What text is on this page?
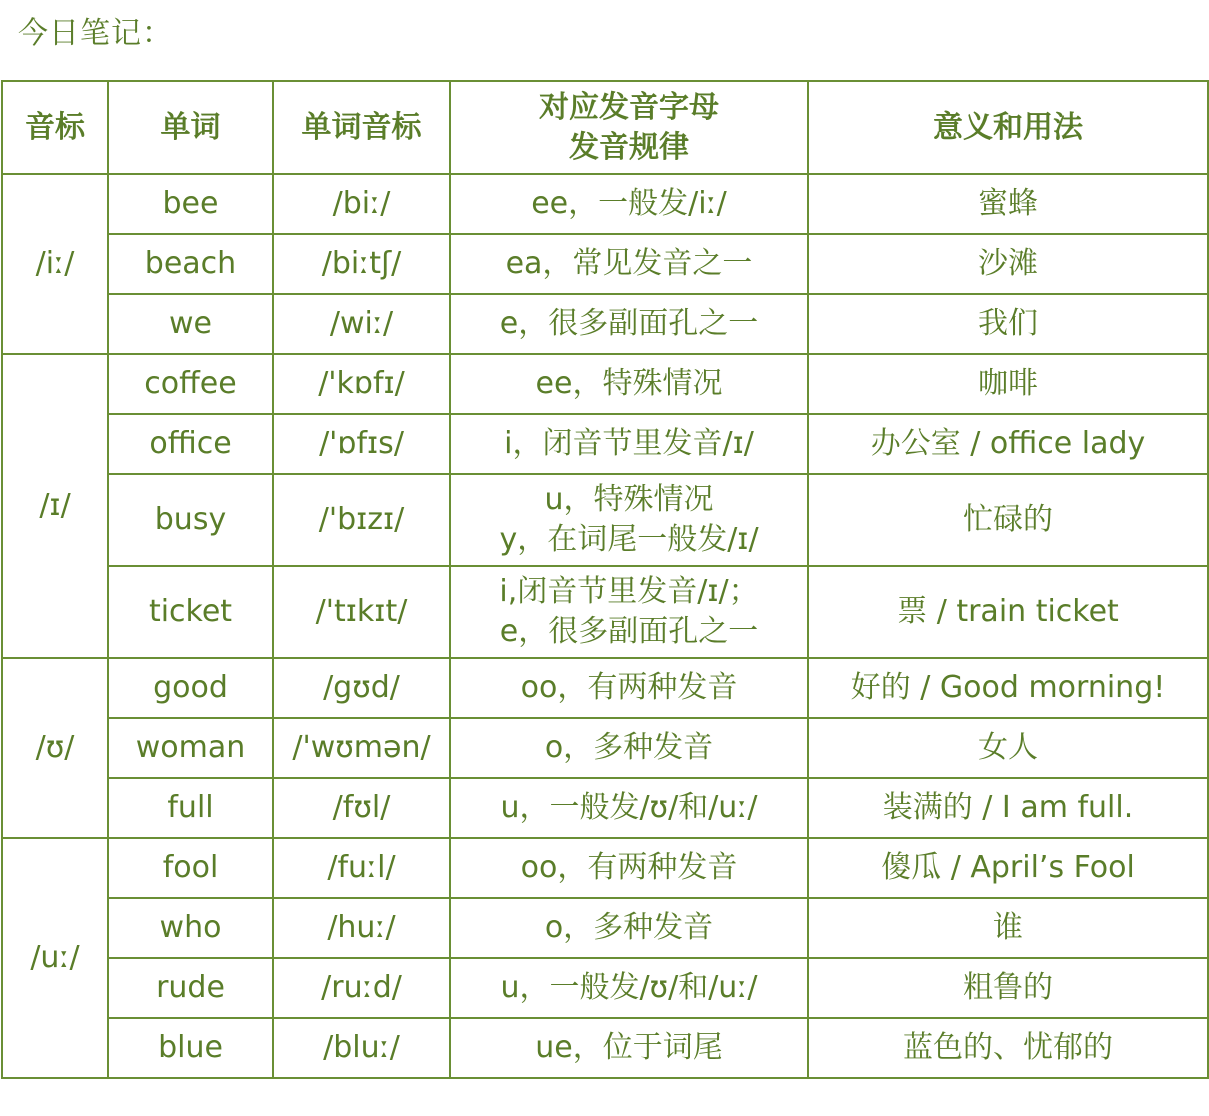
今日笔记：
音标	单词	单词音标	对应发音字母
发音规律	意义和用法
/iː/	bee	/biː/	ee，一般发/iː/	蜜蜂
	beach	/biːtʃ/	ea，常见发音之一	沙滩
	we	/wiː/	e，很多副面孔之一	我们
/ɪ/	coffee	/'kɒfɪ/	ee，特殊情况	咖啡
	office	/'ɒfɪs/	i，闭音节里发音/ɪ/	办公室 / office lady
	busy	/'bɪzɪ/	u，特殊情况
y，在词尾一般发/ɪ/	忙碌的
	ticket	/'tɪkɪt/	i,闭音节里发音/ɪ/；
e，很多副面孔之一	票 / train ticket
/ʊ/	good	/gʊd/	oo，有两种发音	好的 / Good morning!
	woman	/'wʊmən/	o，多种发音	女人
	full	/fʊl/	u，一般发/ʊ/和/uː/	装满的 / I am full.
/uː/	fool	/fuːl/	oo，有两种发音	傻瓜 / April’s Fool
	who	/huː/	o，多种发音	谁
	rude	/ruːd/	u，一般发/ʊ/和/uː/	粗鲁的
	blue	/bluː/	ue，位于词尾	蓝色的、忧郁的
